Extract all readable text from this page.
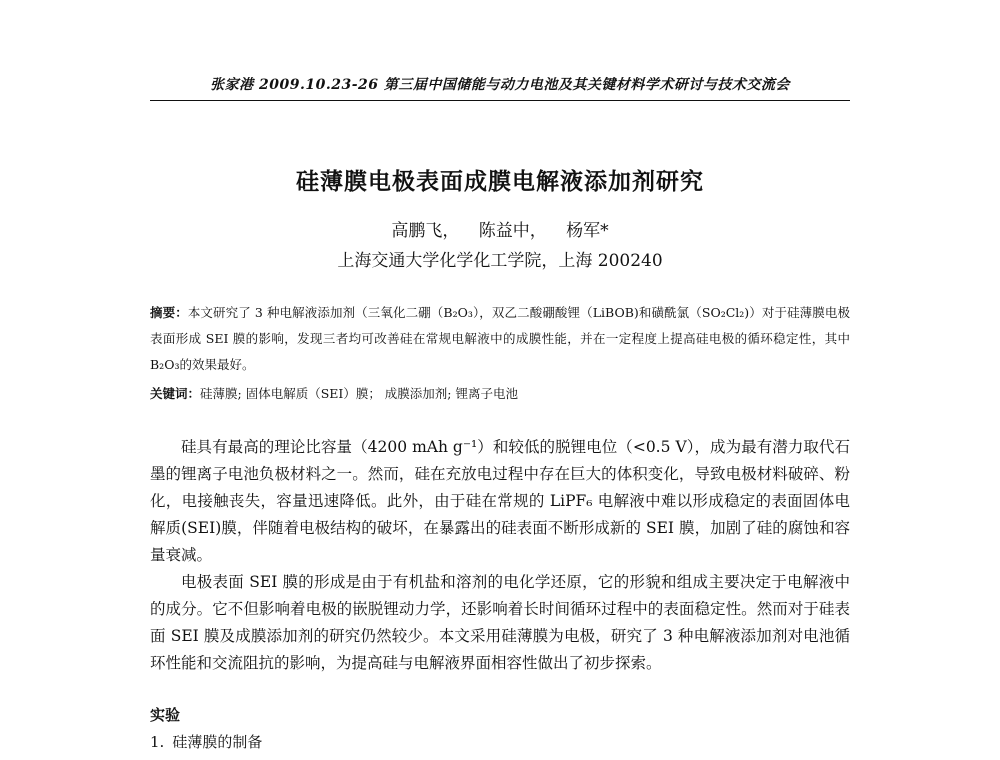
张家港 2009.10.23-26 第三届中国储能与动力电池及其关键材料学术研讨与技术交流会
硅薄膜电极表面成膜电解液添加剂研究
高鹏飞， 陈益中， 杨军*
上海交通大学化学化工学院，上海 200240
摘要：本文研究了 3 种电解液添加剂（三氧化二硼（B₂O₃），双乙二酸硼酸锂（LiBOB)和磺酰氯（SO₂Cl₂)）对于硅薄膜电极表面形成 SEI 膜的影响，发现三者均可改善硅在常规电解液中的成膜性能，并在一定程度上提高硅电极的循环稳定性，其中 B₂O₃的效果最好。
关键词：硅薄膜; 固体电解质（SEI）膜； 成膜添加剂; 锂离子电池

硅具有最高的理论比容量（4200 mAh g⁻¹）和较低的脱锂电位（<0.5 V），成为最有潜力取代石墨的锂离子电池负极材料之一。然而，硅在充放电过程中存在巨大的体积变化，导致电极材料破碎、粉化，电接触丧失，容量迅速降低。此外，由于硅在常规的 LiPF₆ 电解液中难以形成稳定的表面固体电解质(SEI)膜，伴随着电极结构的破坏，在暴露出的硅表面不断形成新的 SEI 膜，加剧了硅的腐蚀和容量衰减。

电极表面 SEI 膜的形成是由于有机盐和溶剂的电化学还原，它的形貌和组成主要决定于电解液中的成分。它不但影响着电极的嵌脱锂动力学，还影响着长时间循环过程中的表面稳定性。然而对于硅表面 SEI 膜及成膜添加剂的研究仍然较少。本文采用硅薄膜为电极，研究了 3 种电解液添加剂对电池循环性能和交流阻抗的影响，为提高硅与电解液界面相容性做出了初步探索。

实验
1. 硅薄膜的制备
